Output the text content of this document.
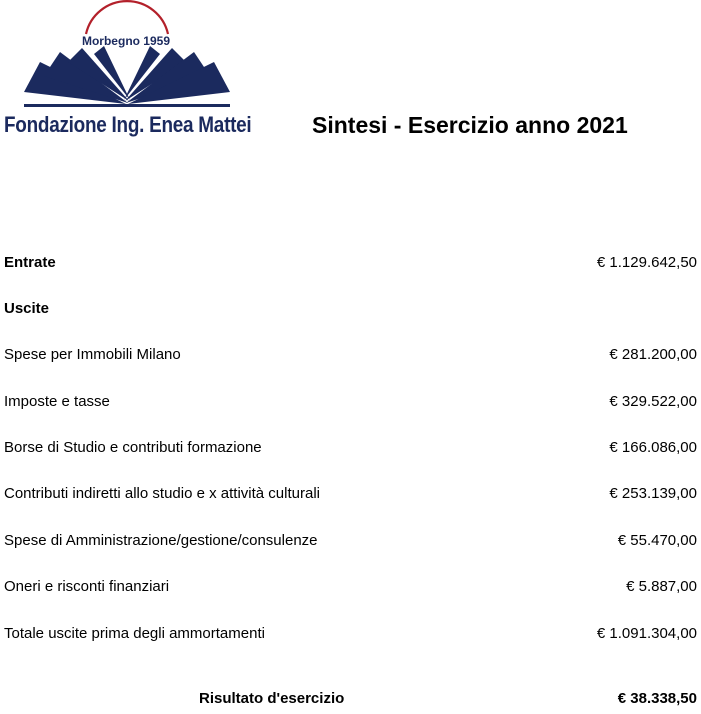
Morbegno 1959
Fondazione Ing. Enea Mattei	Sintesi - Esercizio anno 2021
Entrate	€ 1.129.642,50
Uscite
Spese per Immobili Milano	€ 281.200,00
Imposte e tasse	€ 329.522,00
Borse di Studio e contributi formazione	€ 166.086,00
Contributi indiretti allo studio e x attività culturali	€ 253.139,00
Spese di Amministrazione/gestione/consulenze	€ 55.470,00
Oneri e risconti finanziari	€ 5.887,00
Totale uscite prima degli ammortamenti	€ 1.091.304,00
Risultato d'esercizio	€ 38.338,50
